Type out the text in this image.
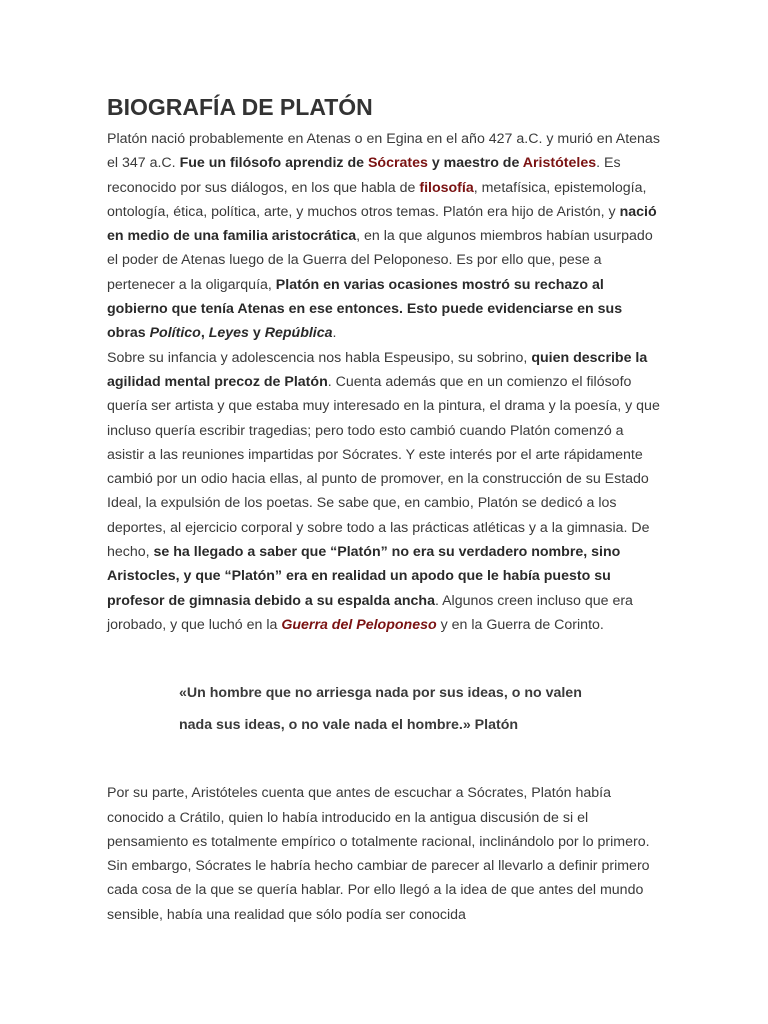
BIOGRAFÍA DE PLATÓN

Platón nació probablemente en Atenas o en Egina en el año 427 a.C. y murió en Atenas el 347 a.C. Fue un filósofo aprendiz de Sócrates y maestro de Aristóteles. Es reconocido por sus diálogos, en los que habla de filosofía, metafísica, epistemología, ontología, ética, política, arte, y muchos otros temas. Platón era hijo de Aristón, y nació en medio de una familia aristocrática, en la que algunos miembros habían usurpado el poder de Atenas luego de la Guerra del Peloponeso. Es por ello que, pese a pertenecer a la oligarquía, Platón en varias ocasiones mostró su rechazo al gobierno que tenía Atenas en ese entonces. Esto puede evidenciarse en sus obras Político, Leyes y República.

Sobre su infancia y adolescencia nos habla Espeusipo, su sobrino, quien describe la agilidad mental precoz de Platón. Cuenta además que en un comienzo el filósofo quería ser artista y que estaba muy interesado en la pintura, el drama y la poesía, y que incluso quería escribir tragedias; pero todo esto cambió cuando Platón comenzó a asistir a las reuniones impartidas por Sócrates. Y este interés por el arte rápidamente cambió por un odio hacia ellas, al punto de promover, en la construcción de su Estado Ideal, la expulsión de los poetas. Se sabe que, en cambio, Platón se dedicó a los deportes, al ejercicio corporal y sobre todo a las prácticas atléticas y a la gimnasia. De hecho, se ha llegado a saber que “Platón” no era su verdadero nombre, sino Aristocles, y que “Platón” era en realidad un apodo que le había puesto su profesor de gimnasia debido a su espalda ancha. Algunos creen incluso que era jorobado, y que luchó en la Guerra del Peloponeso y en la Guerra de Corinto.

«Un hombre que no arriesga nada por sus ideas, o no valen nada sus ideas, o no vale nada el hombre.» Platón

Por su parte, Aristóteles cuenta que antes de escuchar a Sócrates, Platón había conocido a Crátilo, quien lo había introducido en la antigua discusión de si el pensamiento es totalmente empírico o totalmente racional, inclinándolo por lo primero. Sin embargo, Sócrates le habría hecho cambiar de parecer al llevarlo a definir primero cada cosa de la que se quería hablar. Por ello llegó a la idea de que antes del mundo sensible, había una realidad que sólo podía ser conocida
